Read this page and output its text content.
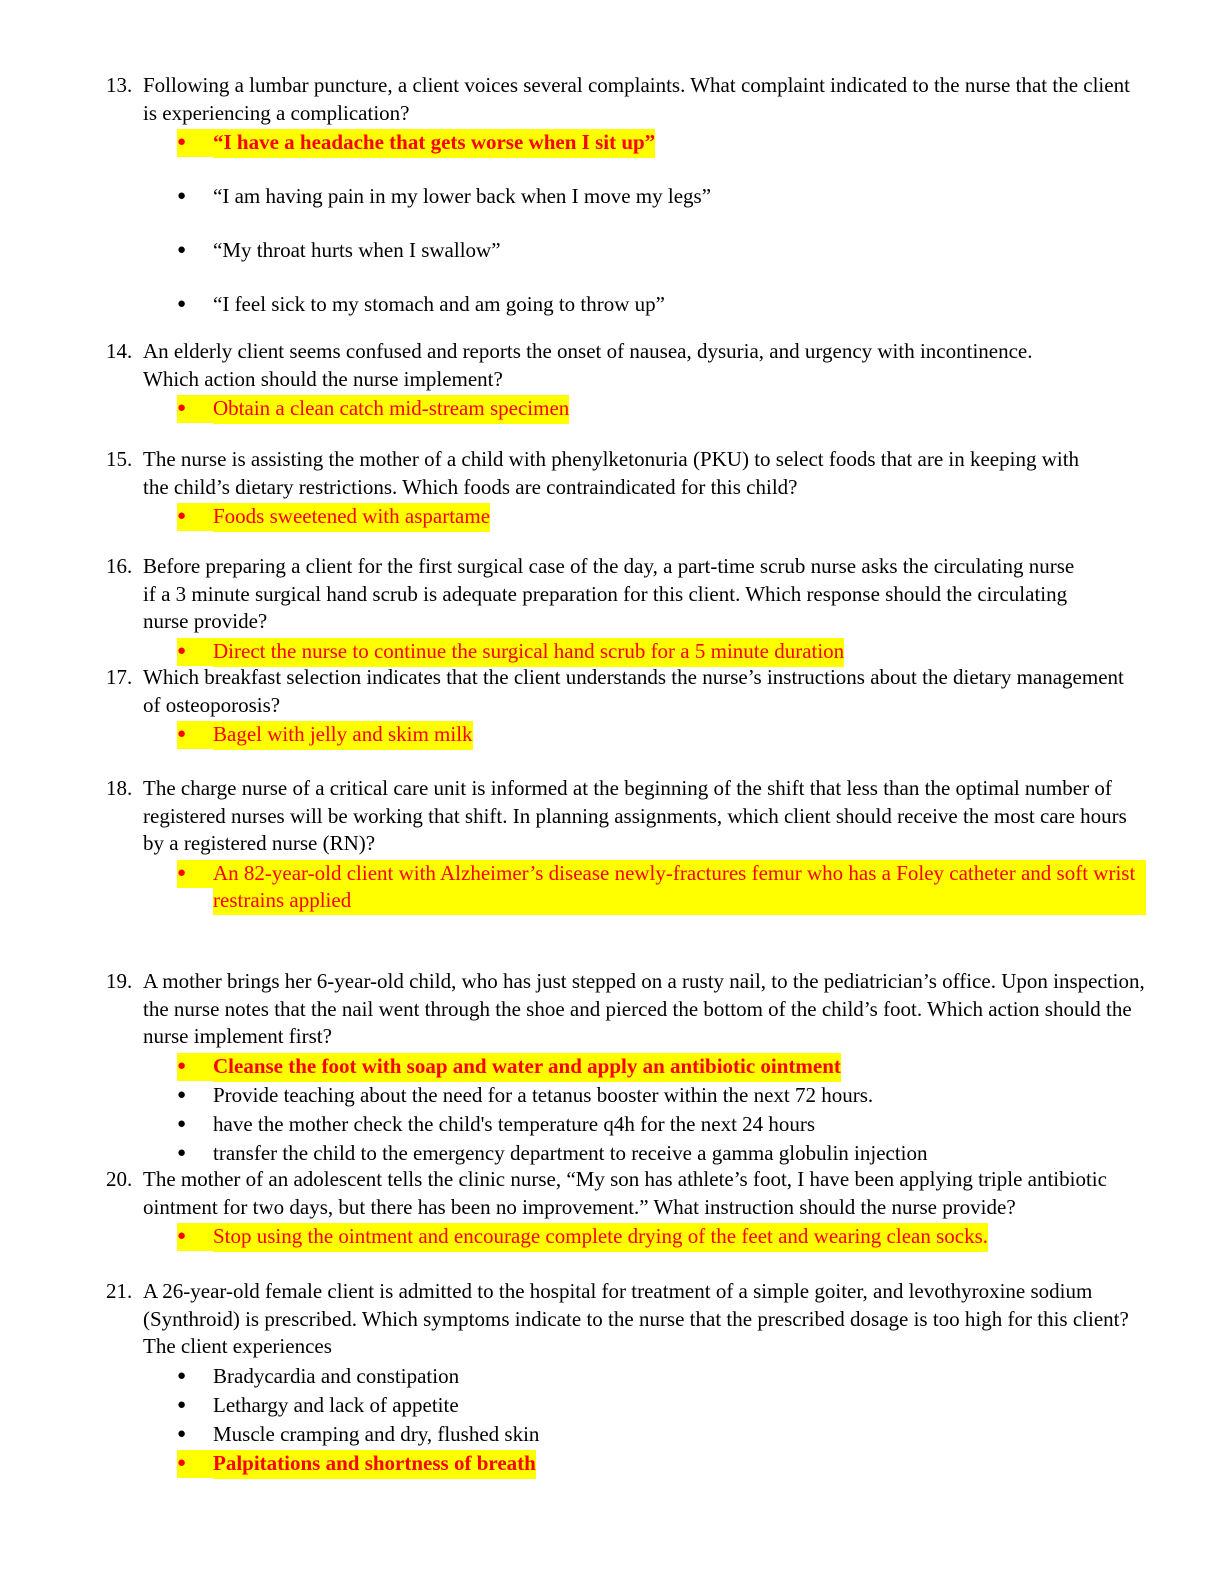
13. Following a lumbar puncture, a client voices several complaints. What complaint indicated to the nurse that the client is experiencing a complication?
●	“I have a headache that gets worse when I sit up”
●	“I am having pain in my lower back when I move my legs”
●	“My throat hurts when I swallow”
●	“I feel sick to my stomach and am going to throw up”
14. An elderly client seems confused and reports the onset of nausea, dysuria, and urgency with incontinence. Which action should the nurse implement?
●	Obtain a clean catch mid-stream specimen
15. The nurse is assisting the mother of a child with phenylketonuria (PKU) to select foods that are in keeping with the child’s dietary restrictions. Which foods are contraindicated for this child?
●	Foods sweetened with aspartame
16. Before preparing a client for the first surgical case of the day, a part-time scrub nurse asks the circulating nurse if a 3 minute surgical hand scrub is adequate preparation for this client. Which response should the circulating nurse provide?
●	Direct the nurse to continue the surgical hand scrub for a 5 minute duration
17. Which breakfast selection indicates that the client understands the nurse’s instructions about the dietary management of osteoporosis?
●	Bagel with jelly and skim milk
18. The charge nurse of a critical care unit is informed at the beginning of the shift that less than the optimal number of registered nurses will be working that shift. In planning assignments, which client should receive the most care hours by a registered nurse (RN)?
●	An 82-year-old client with Alzheimer’s disease newly-fractures femur who has a Foley catheter and soft wrist restrains applied
19. A mother brings her 6-year-old child, who has just stepped on a rusty nail, to the pediatrician’s office. Upon inspection, the nurse notes that the nail went through the shoe and pierced the bottom of the child’s foot. Which action should the nurse implement first?
●	Cleanse the foot with soap and water and apply an antibiotic ointment
●	Provide teaching about the need for a tetanus booster within the next 72 hours.
●	have the mother check the child's temperature q4h for the next 24 hours
●	transfer the child to the emergency department to receive a gamma globulin injection
20. The mother of an adolescent tells the clinic nurse, “My son has athlete’s foot, I have been applying triple antibiotic ointment for two days, but there has been no improvement.” What instruction should the nurse provide?
●	Stop using the ointment and encourage complete drying of the feet and wearing clean socks.
21. A 26-year-old female client is admitted to the hospital for treatment of a simple goiter, and levothyroxine sodium (Synthroid) is prescribed. Which symptoms indicate to the nurse that the prescribed dosage is too high for this client? The client experiences
●	Bradycardia and constipation
●	Lethargy and lack of appetite
●	Muscle cramping and dry, flushed skin
●	Palpitations and shortness of breath
